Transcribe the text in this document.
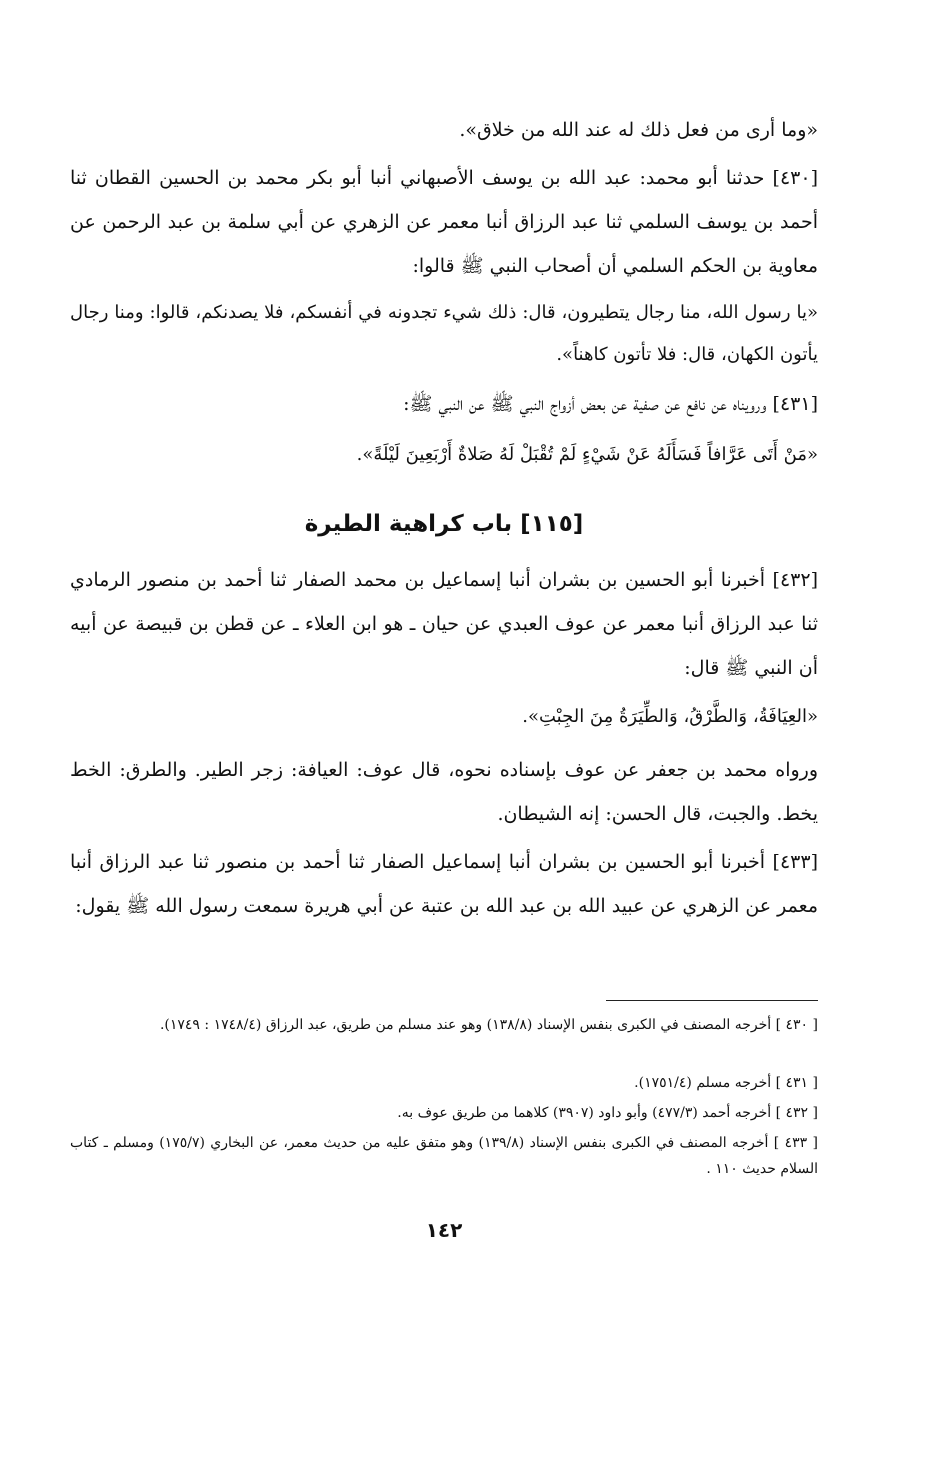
«وما أرى من فعل ذلك له عند الله من خلاق».

[٤٣٠] حدثنا أبو محمد: عبد الله بن يوسف الأصبهاني أنبا أبو بكر محمد بن الحسين القطان ثنا أحمد بن يوسف السلمي ثنا عبد الرزاق أنبا معمر عن الزهري عن أبي سلمة بن عبد الرحمن عن معاوية بن الحكم السلمي أن أصحاب النبي ﷺ قالوا:

«يا رسول الله، منا رجال يتطيرون، قال: ذلك شيء تجدونه في أنفسكم، فلا يصدنكم، قالوا: ومنا رجال يأتون الكهان، قال: فلا تأتون كاهناً».

[٤٣١] ورويناه عن نافع عن صفية عن بعض أزواج النبي ﷺ عن النبي ﷺ:

«مَنْ أَتَى عَرَّافاً فَسَأَلَهُ عَنْ شَيْءٍ لَمْ تُقْبَلْ لَهُ صَلاةٌ أَرْبَعِينَ لَيْلَةً».

[١١٥] باب كراهية الطيرة

[٤٣٢] أخبرنا أبو الحسين بن بشران أنبا إسماعيل بن محمد الصفار ثنا أحمد بن منصور الرمادي ثنا عبد الرزاق أنبا معمر عن عوف العبدي عن حيان ـ هو ابن العلاء ـ عن قطن بن قبيصة عن أبيه أن النبي ﷺ قال:

«العِيَافَةُ، وَالطَّرْقُ، وَالطِّيَرَةُ مِنَ الجِبْتِ».

ورواه محمد بن جعفر عن عوف بإسناده نحوه، قال عوف: العيافة: زجر الطير. والطرق: الخط يخط. والجبت، قال الحسن: إنه الشيطان.

[٤٣٣] أخبرنا أبو الحسين بن بشران أنبا إسماعيل الصفار ثنا أحمد بن منصور ثنا عبد الرزاق أنبا معمر عن الزهري عن عبيد الله بن عبد الله بن عتبة عن أبي هريرة سمعت رسول الله ﷺ يقول:

[ ٤٣٠ ] أخرجه المصنف في الكبرى بنفس الإسناد (١٣٨/٨) وهو عند مسلم من طريق، عبد الرزاق (١٧٤٨/٤ : ١٧٤٩).

[ ٤٣١ ] أخرجه مسلم (١٧٥١/٤).

[ ٤٣٢ ] أخرجه أحمد (٤٧٧/٣) وأبو داود (٣٩٠٧) كلاهما من طريق عوف به.

[ ٤٣٣ ] أخرجه المصنف في الكبرى بنفس الإسناد (١٣٩/٨) وهو متفق عليه من حديث معمر، عن البخاري (١٧٥/٧) ومسلم ـ كتاب السلام حديث ١١٠ .

١٤٢
